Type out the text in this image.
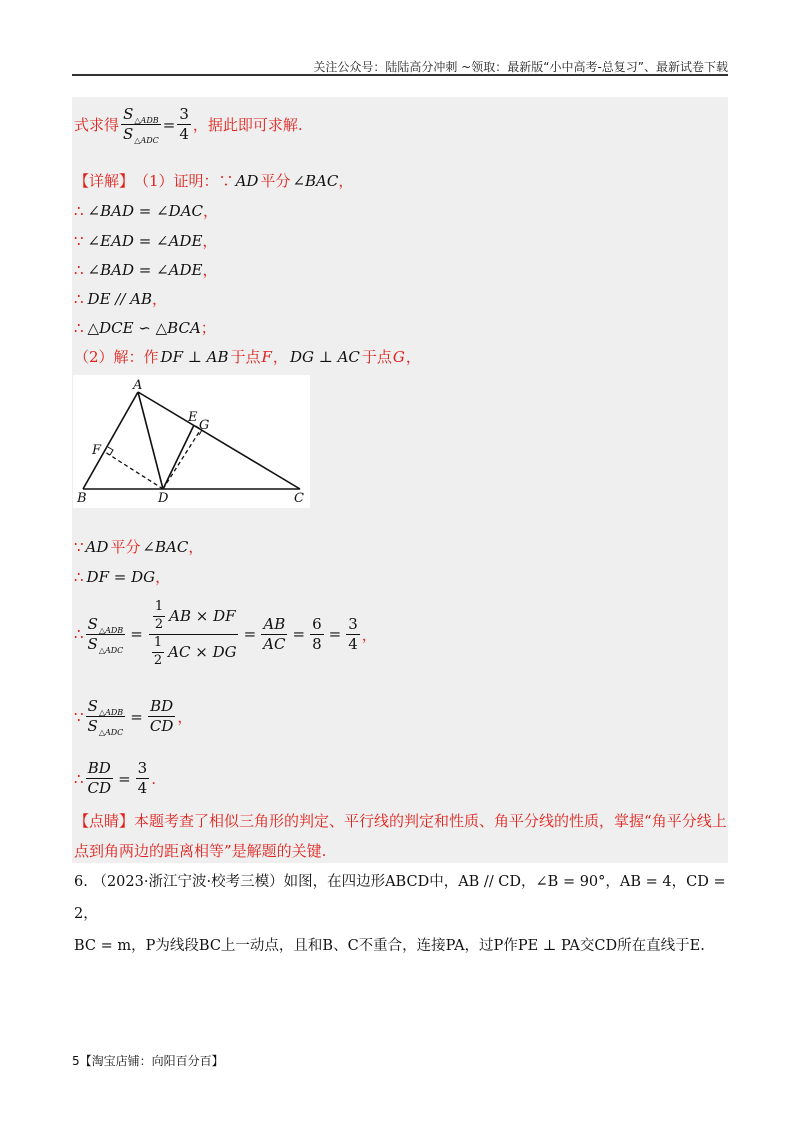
关注公众号：陆陆高分冲刺 ~领取：最新版“小中高考-总复习”、最新试卷下载
式求得 $\frac{S_{\triangle ADB}}{S_{\triangle ADC}} = \frac{3}{4}$ ，据此即可求解.
【详解】 （1）证明：∵ AD 平分 ∠BAC ，
∴ ∠BAD = ∠DAC ，
∵ ∠EAD = ∠ADE ，
∴ ∠BAD = ∠ADE ，
∴ DE // AB ，
∴ △DCE ∽ △BCA ；
（2）解：作 DF ⊥ AB 于点 F ， DG ⊥ AC 于点 G ，
A
B	C
D
E
F
G
∵ AD 平分 ∠BAC ，
∴ DF = DG ，
∴ $\frac{S_{\triangle ADB}}{S_{\triangle ADC}} = \frac{\frac{1}{2} AB \times DF}{\frac{1}{2} AC \times DG} = \frac{AB}{AC} = \frac{6}{8} = \frac{3}{4}$ ，
∵ $\frac{S_{\triangle ADB}}{S_{\triangle ADC}} = \frac{BD}{CD}$ ，
∴ $\frac{BD}{CD} = \frac{3}{4}$ .
【点睛】本题考查了相似三角形的判定、平行线的判定和性质、角平分线的性质，掌握“角平分线上点到角两边的距离相等”是解题的关键.
6. （2023·浙江宁波·校考三模）如图，在四边形ABCD中，AB // CD，∠B = 90°，AB = 4，CD = 2，
BC = m，P为线段BC上一动点，且和B、C不重合，连接PA，过P作PE ⊥ PA交CD所在直线于E.
5【淘宝店铺：向阳百分百】
